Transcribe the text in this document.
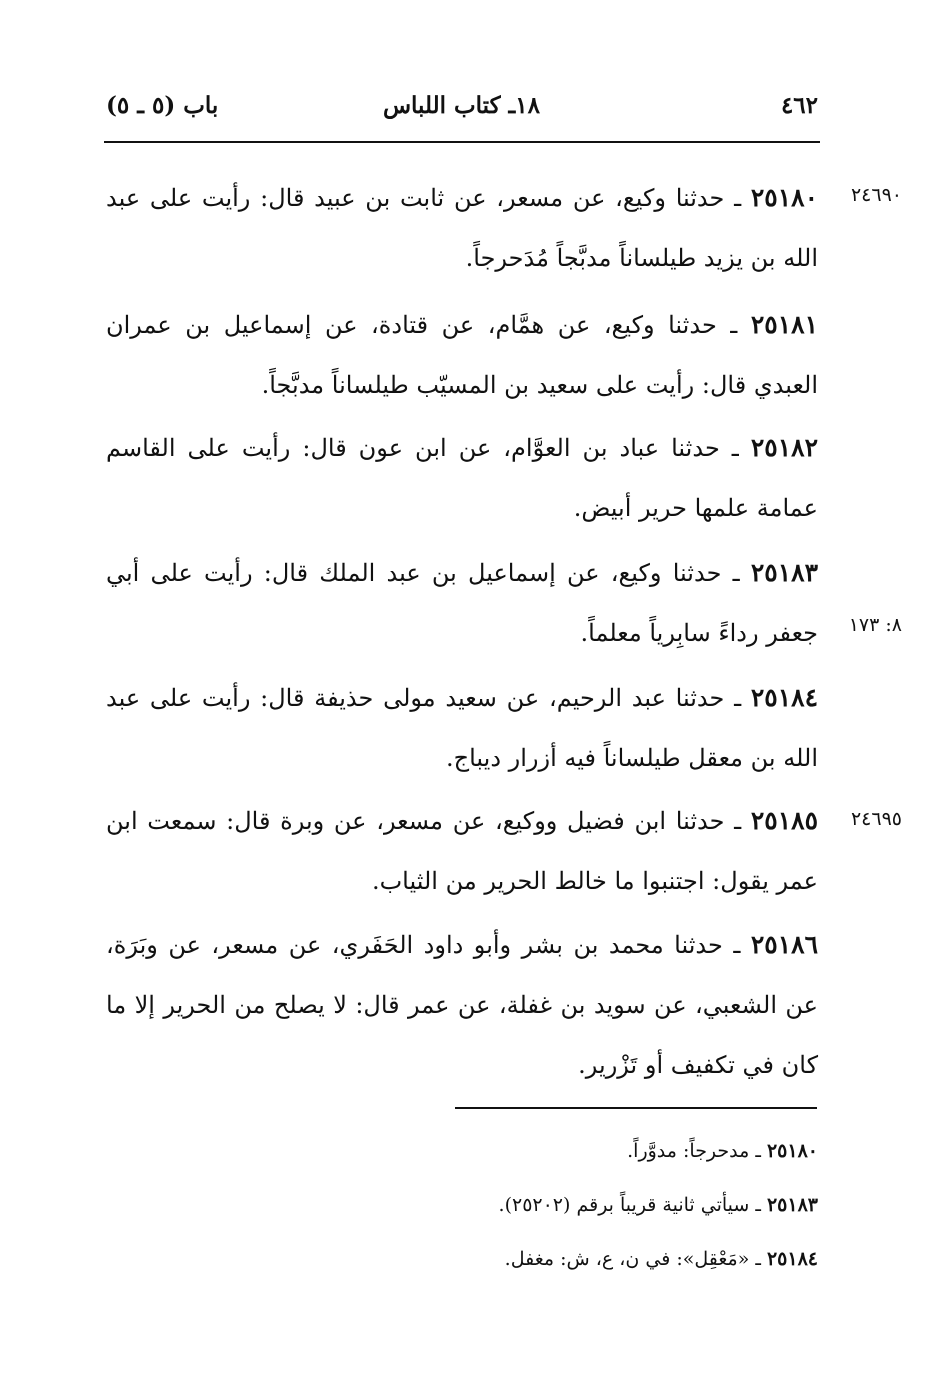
٤٦٢
١٨ـ كتاب اللباس
باب (٥ ـ ٥)
٢٥١٨٠ ـ حدثنا وكيع، عن مسعر، عن ثابت بن عبيد قال: رأيت على عبد الله بن يزيد طيلساناً مدبَّجاً مُدَحرجاً.
٢٥١٨١ ـ حدثنا وكيع، عن همَّام، عن قتادة، عن إسماعيل بن عمران العبدي قال: رأيت على سعيد بن المسيّب طيلساناً مدبَّجاً.
٢٥١٨٢ ـ حدثنا عباد بن العوَّام، عن ابن عون قال: رأيت على القاسم عمامة علمها حرير أبيض.
٢٥١٨٣ ـ حدثنا وكيع، عن إسماعيل بن عبد الملك قال: رأيت على أبي جعفر رداءً سابِرياً معلماً.
٢٥١٨٤ ـ حدثنا عبد الرحيم، عن سعيد مولى حذيفة قال: رأيت على عبد الله بن معقل طيلساناً فيه أزرار ديباج.
٢٥١٨٥ ـ حدثنا ابن فضيل ووكيع، عن مسعر، عن وبرة قال: سمعت ابن عمر يقول: اجتنبوا ما خالط الحرير من الثياب.
٢٥١٨٦ ـ حدثنا محمد بن بشر وأبو داود الحَفَري، عن مسعر، عن وبَرَة، عن الشعبي، عن سويد بن غفلة، عن عمر قال: لا يصلح من الحرير إلا ما كان في تكفيف أو تَزْرير.
٢٤٦٩٠
٨: ١٧٣
٢٤٦٩٥
٢٥١٨٠ ـ مدحرجاً: مدوَّراً.
٢٥١٨٣ ـ سيأتي ثانية قريباً برقم (٢٥٢٠٢).
٢٥١٨٤ ـ «مَعْقِل»: في ن، ع، ش: مغفل.
